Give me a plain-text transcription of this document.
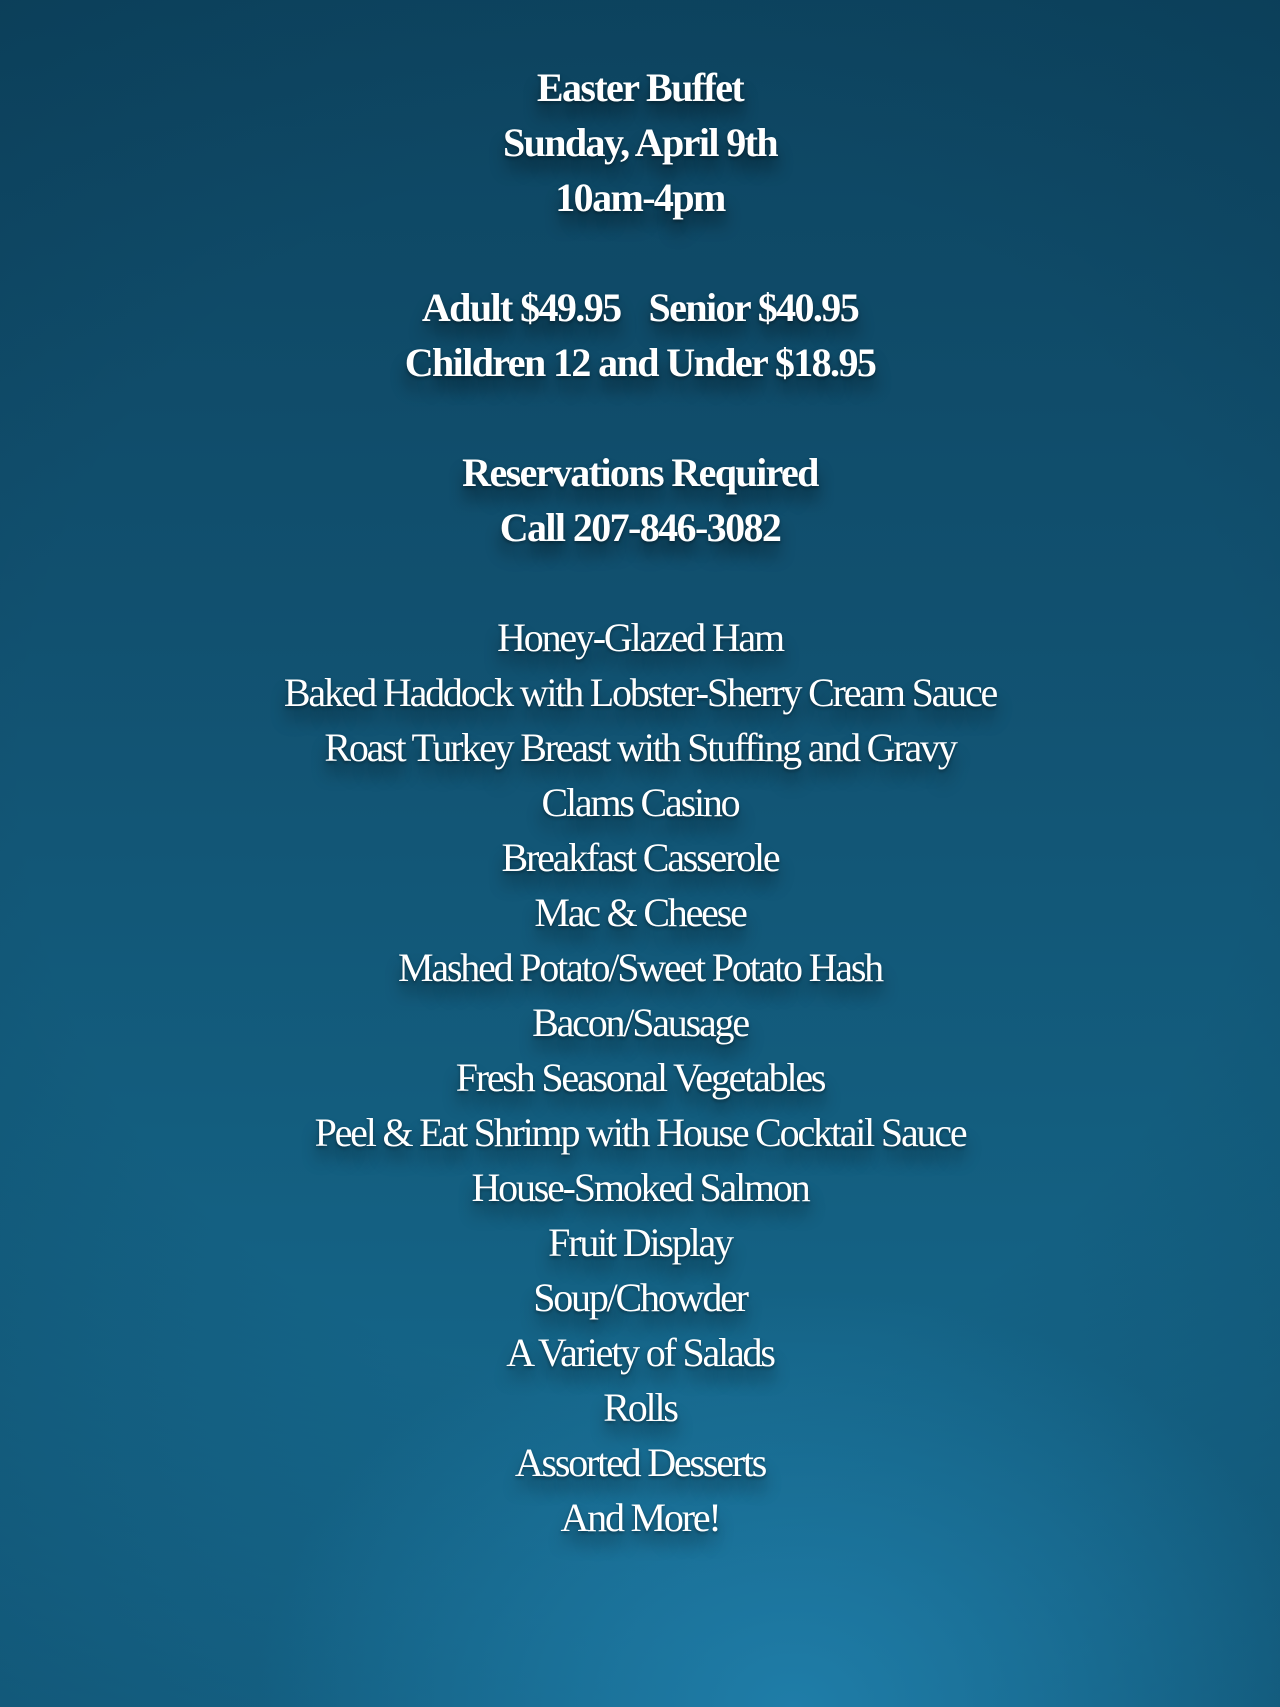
Easter Buffet
Sunday, April 9th
10am-4pm
Adult $49.95 Senior $40.95
Children 12 and Under $18.95
Reservations Required
Call 207-846-3082
Honey-Glazed Ham
Baked Haddock with Lobster-Sherry Cream Sauce
Roast Turkey Breast with Stuffing and Gravy
Clams Casino
Breakfast Casserole
Mac & Cheese
Mashed Potato/Sweet Potato Hash
Bacon/Sausage
Fresh Seasonal Vegetables
Peel & Eat Shrimp with House Cocktail Sauce
House-Smoked Salmon
Fruit Display
Soup/Chowder
A Variety of Salads
Rolls
Assorted Desserts
And More!
